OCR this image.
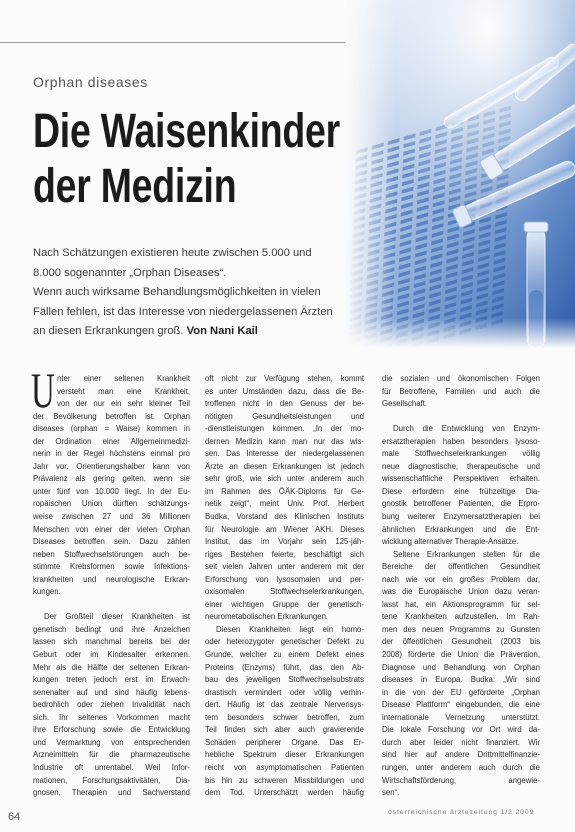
Orphan diseases
Die Waisenkinder
der Medizin
Nach Schätzungen existieren heute zwischen 5.000 und
8.000 sogenannter „Orphan Diseases“.
Wenn auch wirksame Behandlungsmöglichkeiten in vielen
Fällen fehlen, ist das Interesse von niedergelassenen Ärzten
an diesen Erkrankungen groß. Von Nani Kail
nter einer seltenen Krankheit
versteht man eine Krankheit,
von der nur ein sehr kleiner Teil
der Bevölkerung betroffen ist. Orphan
diseases (orphan = Waise) kommen in
der Ordination einer Allgemeinmedizi-
nerin in der Regel höchstens einmal pro
Jahr vor. Orientierungshalber kann von
Prävalenz als gering gelten, wenn sie
unter fünf von 10.000 liegt. In der Eu-
ropäischen Union dürften schätzungs-
weise zwischen 27 und 36 Millionen
Menschen von einer der vielen Orphan
Diseases betroffen sein. Dazu zählen
neben Stoffwechselstörungen auch be-
stimmte Krebsformen sowie Infektions-
krankheiten und neurologische Erkran-
kungen.
Der Großteil dieser Krankheiten ist
genetisch bedingt und ihre Anzeichen
lassen sich manchmal bereits bei der
Geburt oder im Kindesalter erkennen.
Mehr als die Hälfte der seltenen Erkran-
kungen treten jedoch erst im Erwach-
senenalter auf und sind häufig lebens-
bedrohlich oder ziehen Invalidität nach
sich. Ihr seltenes Vorkommen macht
ihre Erforschung sowie die Entwicklung
und Vermarktung von entsprechenden
Arzneimitteln für die pharmazeutische
Industrie oft unrentabel. Weil Infor-
mationen, Forschungsaktivitäten, Dia-
gnosen, Therapien und Sachverstand
oft nicht zur Verfügung stehen, kommt
es unter Umständen dazu, dass die Be-
troffenen nicht in den Genuss der be-
nötigten Gesundheitsleistungen und
-dienstleistungen kommen. „In der mo-
dernen Medizin kann man nur das wis-
sen. Das Interesse der niedergelassenen
Ärzte an diesen Erkrankungen ist jedoch
sehr groß, wie sich unter anderem auch
im Rahmen des ÖÄK-Diploms für Ge-
netik zeigt“, meint Univ. Prof. Herbert
Budka, Vorstand des Klinischen Instituts
für Neurologie am Wiener AKH. Dieses
Institut, das im Vorjahr sein 125-jäh-
riges Bestehen feierte, beschäftigt sich
seit vielen Jahren unter anderem mit der
Erforschung von lysosomalen und per-
oxisomalen Stoffwechselerkrankungen,
einer wichtigen Gruppe der genetisch-
neurometabolischen Erkrankungen.
Diesen Krankheiten liegt ein homo-
oder heterozygoter genetischer Defekt zu
Grunde, welcher zu einem Defekt eines
Proteins (Enzyms) führt, das den Ab-
bau des jeweiligen Stoffwechselsubstrats
drastisch vermindert oder völlig verhin-
dert. Häufig ist das zentrale Nervensys-
tem besonders schwer betroffen, zum
Teil finden sich aber auch gravierende
Schäden peripherer Organe. Das Er-
hebliche Spektrum dieser Erkrankungen
reicht von asymptomatischen Patienten
bis hin zu schweren Missbildungen und
dem Tod. Unterschätzt werden häufig
die sozialen und ökonomischen Folgen
für Betroffene, Familien und auch die
Gesellschaft.
Durch die Entwicklung von Enzym-
ersatztherapien haben besonders lysoso-
male Stoffwechselerkrankungen völlig
neue diagnostische, therapeutische und
wissenschaftliche Perspektiven erhalten.
Diese erfordern eine frühzeitige Dia-
gnostik betroffener Patienten, die Erpro-
bung weiterer Enzymersatztherapien bei
ähnlichen Erkrankungen und die Ent-
wicklung alternativer Therapie-Ansätze.
Seltene Erkrankungen stellen für die
Bereiche der öffentlichen Gesundheit
nach wie vor ein großes Problem dar,
was die Europäische Union dazu veran-
lasst hat, ein Aktionsprogramm für sel-
tene Krankheiten aufzustellen. Im Rah-
men des neuen Programms zu Gunsten
der öffentlichen Gesundheit (2003 bis
2008) förderte die Union die Prävention,
Diagnose und Behandlung von Orphan
diseases in Europa. Budka: „Wir sind
in die von der EU geförderte „Orphan
Disease Plattform“ eingebunden, die eine
internationale Vernetzung unterstützt.
Die lokale Forschung vor Ort wird da-
durch aber leider nicht finanziert. Wir
sind hier auf andere Drittmittelfinanzie-
rungen, unter anderem auch durch die
Wirtschaftsförderung, angewie-
sen“.
U
64	österreichische ärztezeitung 1/2 2009
